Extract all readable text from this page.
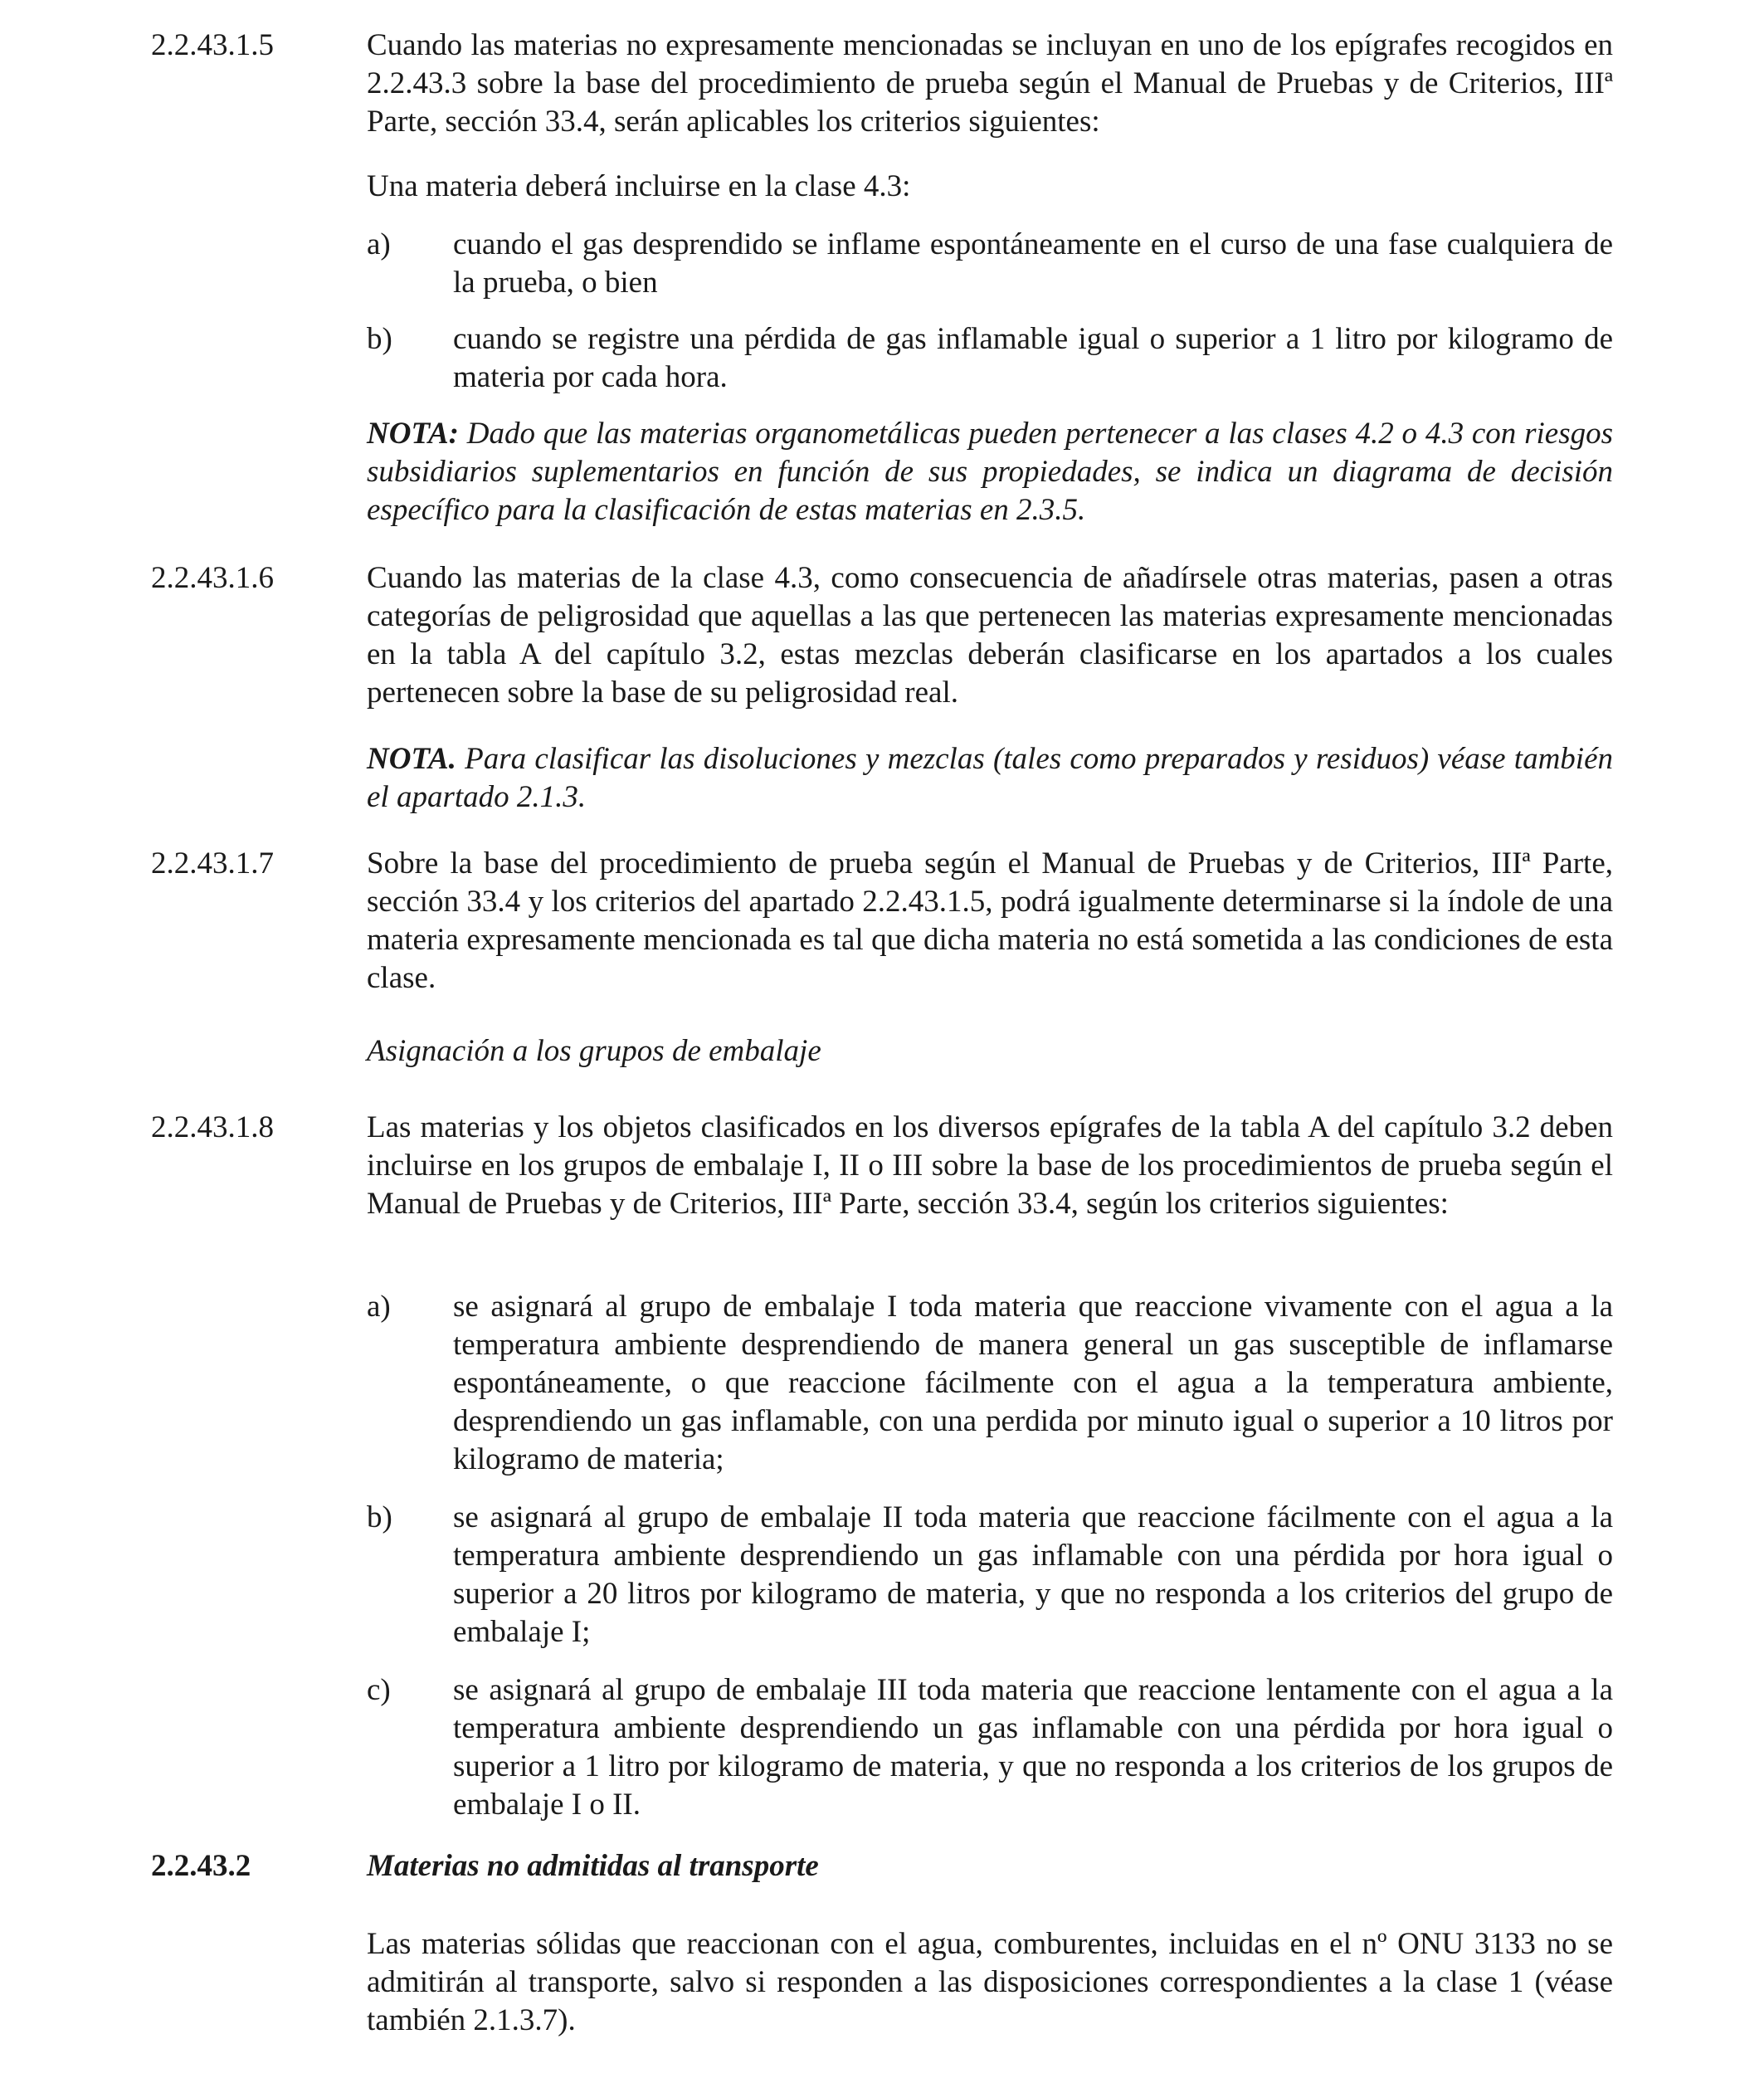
2.2.43.1.5	Cuando las materias no expresamente mencionadas se incluyan en uno de los epígrafes recogidos en 2.2.43.3 sobre la base del procedimiento de prueba según el Manual de Pruebas y de Criterios, IIIª Parte, sección 33.4, serán aplicables los criterios siguientes:
Una materia deberá incluirse en la clase 4.3:
a) cuando el gas desprendido se inflame espontáneamente en el curso de una fase cualquiera de la prueba, o bien
b) cuando se registre una pérdida de gas inflamable igual o superior a 1 litro por kilogramo de materia por cada hora.
NOTA: Dado que las materias organometálicas pueden pertenecer a las clases 4.2 o 4.3 con riesgos subsidiarios suplementarios en función de sus propiedades, se indica un diagrama de decisión específico para la clasificación de estas materias en 2.3.5.
2.2.43.1.6	Cuando las materias de la clase 4.3, como consecuencia de añadírsele otras materias, pasen a otras categorías de peligrosidad que aquellas a las que pertenecen las materias expresamente mencionadas en la tabla A del capítulo 3.2, estas mezclas deberán clasificarse en los apartados a los cuales pertenecen sobre la base de su peligrosidad real.
NOTA. Para clasificar las disoluciones y mezclas (tales como preparados y residuos) véase también el apartado 2.1.3.
2.2.43.1.7	Sobre la base del procedimiento de prueba según el Manual de Pruebas y de Criterios, IIIª Parte, sección 33.4 y los criterios del apartado 2.2.43.1.5, podrá igualmente determinarse si la índole de una materia expresamente mencionada es tal que dicha materia no está sometida a las condiciones de esta clase.
Asignación a los grupos de embalaje
2.2.43.1.8	Las materias y los objetos clasificados en los diversos epígrafes de la tabla A del capítulo 3.2 deben incluirse en los grupos de embalaje I, II o III sobre la base de los procedimientos de prueba según el Manual de Pruebas y de Criterios, IIIª Parte, sección 33.4, según los criterios siguientes:
a) se asignará al grupo de embalaje I toda materia que reaccione vivamente con el agua a la temperatura ambiente desprendiendo de manera general un gas susceptible de inflamarse espontáneamente, o que reaccione fácilmente con el agua a la temperatura ambiente, desprendiendo un gas inflamable, con una perdida por minuto igual o superior a 10 litros por kilogramo de materia;
b) se asignará al grupo de embalaje II toda materia que reaccione fácilmente con el agua a la temperatura ambiente desprendiendo un gas inflamable con una pérdida por hora igual o superior a 20 litros por kilogramo de materia, y que no responda a los criterios del grupo de embalaje I;
c) se asignará al grupo de embalaje III toda materia que reaccione lentamente con el agua a la temperatura ambiente desprendiendo un gas inflamable con una pérdida por hora igual o superior a 1 litro por kilogramo de materia, y que no responda a los criterios de los grupos de embalaje I o II.
2.2.43.2	Materias no admitidas al transporte
Las materias sólidas que reaccionan con el agua, comburentes, incluidas en el nº ONU 3133 no se admitirán al transporte, salvo si responden a las disposiciones correspondientes a la clase 1 (véase también 2.1.3.7).
